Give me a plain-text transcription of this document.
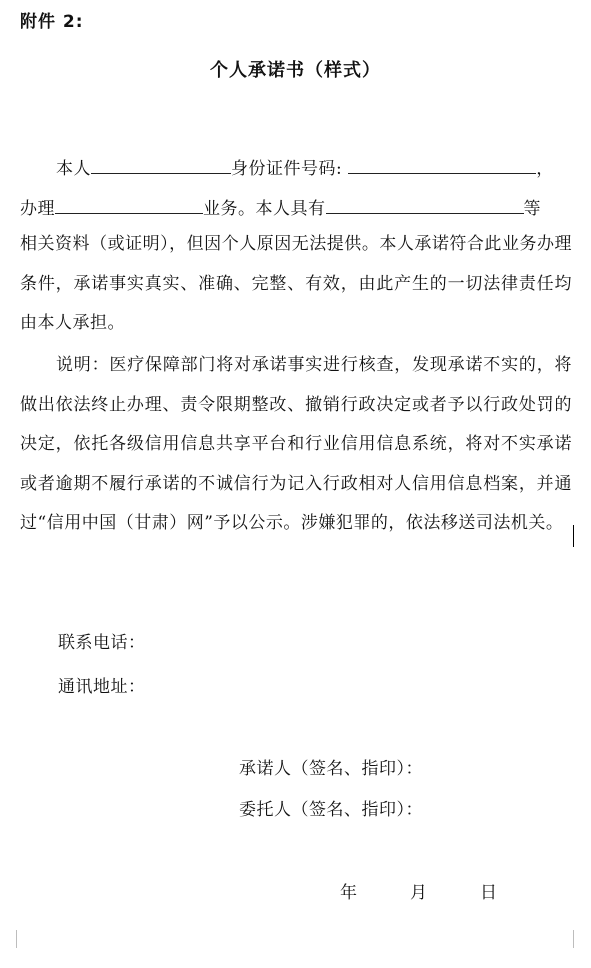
附件 2:
个人承诺书（样式）
本人	身份证件号码:	，
办理	业务。本人具有	等
相关资料（或证明），但因个人原因无法提供。本人承诺符合此业务办理条件，承诺事实真实、准确、完整、有效，由此产生的一切法律责任均由本人承担。
说明：医疗保障部门将对承诺事实进行核查，发现承诺不实的，将做出依法终止办理、责令限期整改、撤销行政决定或者予以行政处罚的决定，依托各级信用信息共享平台和行业信用信息系统，将对不实承诺或者逾期不履行承诺的不诚信行为记入行政相对人信用信息档案，并通过“信用中国（甘肃）网”予以公示。涉嫌犯罪的，依法移送司法机关。
联系电话：
通讯地址：
承诺人（签名、指印）：
委托人（签名、指印）：
年	月	日
